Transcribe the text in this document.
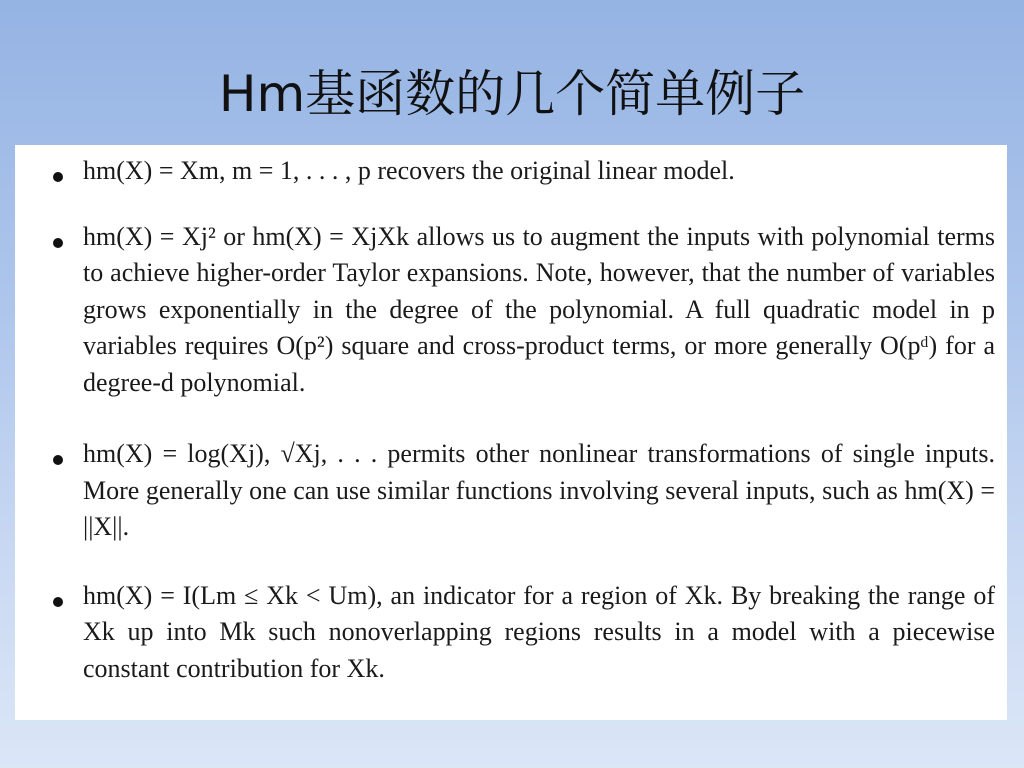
Hm基函数的几个简单例子
hm(X) = Xm, m = 1, . . . , p recovers the original linear model.
hm(X) = Xj² or hm(X) = XjXk allows us to augment the inputs with polynomial terms to achieve higher-order Taylor expansions. Note, however, that the number of variables grows exponentially in the degree of the polynomial. A full quadratic model in p variables requires O(p²) square and cross-product terms, or more generally O(pᵈ) for a degree-d polynomial.
hm(X) = log(Xj), √Xj, . . . permits other nonlinear transformations of single inputs. More generally one can use similar functions involving several inputs, such as hm(X) = ||X||.
hm(X) = I(Lm ≤ Xk < Um), an indicator for a region of Xk. By breaking the range of Xk up into Mk such nonoverlapping regions results in a model with a piecewise constant contribution for Xk.
